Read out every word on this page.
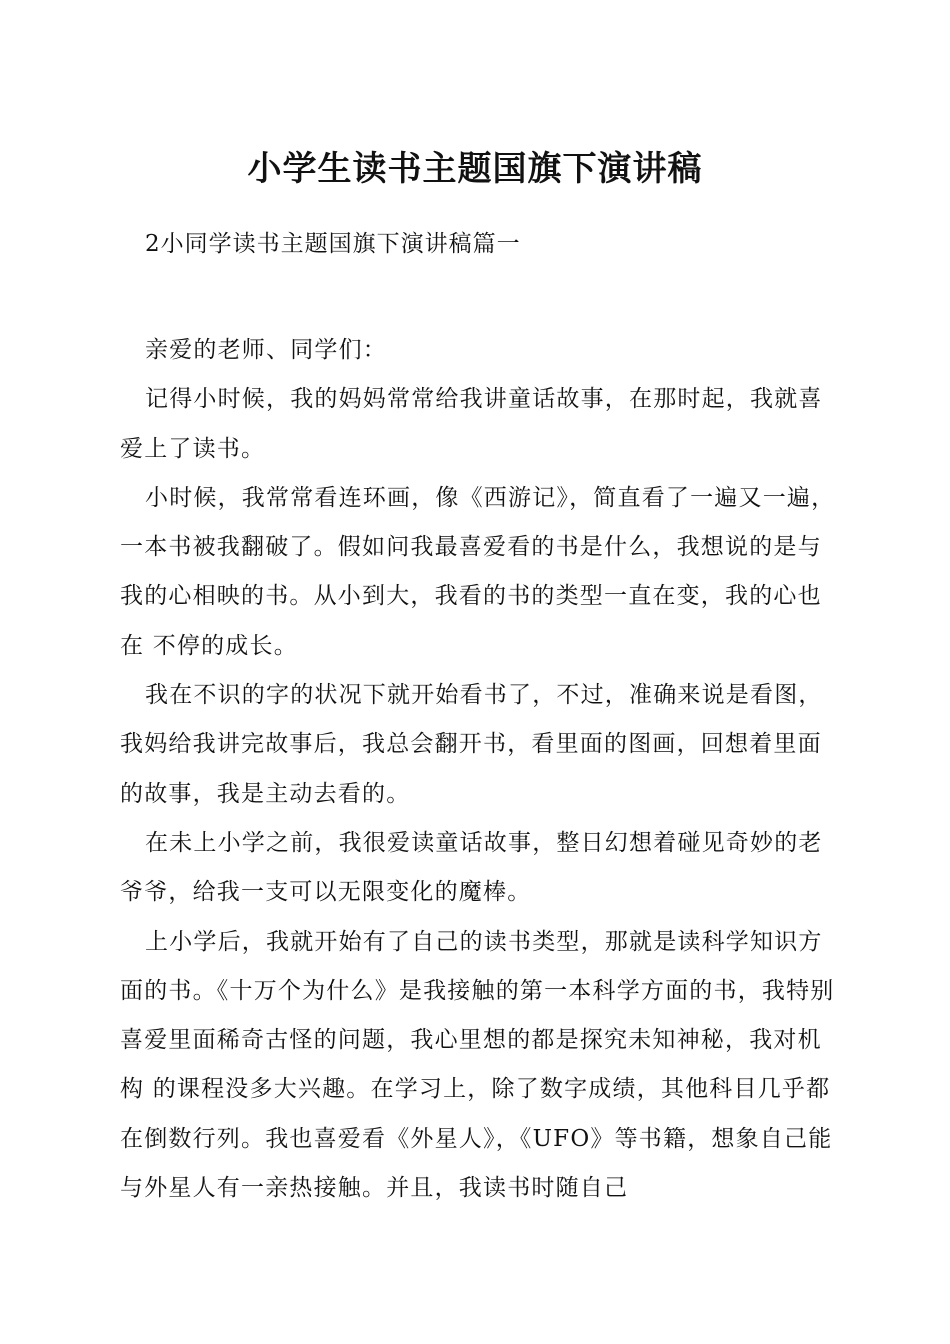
小学生读书主题国旗下演讲稿
2小同学读书主题国旗下演讲稿篇一

亲爱的老师、同学们：

记得小时候，我的妈妈常常给我讲童话故事，在那时起，我就喜爱上了读书。

小时候，我常常看连环画，像《西游记》，简直看了一遍又一遍，一本书被我翻破了。假如问我最喜爱看的书是什么，我想说的是与我的心相映的书。从小到大，我看的书的类型一直在变，我的心也在 不停的成长。

我在不识的字的状况下就开始看书了，不过，准确来说是看图，我妈给我讲完故事后，我总会翻开书，看里面的图画，回想着里面的故事，我是主动去看的。

在未上小学之前，我很爱读童话故事，整日幻想着碰见奇妙的老爷爷，给我一支可以无限变化的魔棒。

上小学后，我就开始有了自己的读书类型，那就是读科学知识方面的书。《十万个为什么》是我接触的第一本科学方面的书，我特别喜爱里面稀奇古怪的问题，我心里想的都是探究未知神秘，我对机构 的课程没多大兴趣。在学习上，除了数字成绩，其他科目几乎都在倒数行列。我也喜爱看《外星人》，《UFO》等书籍，想象自己能与外星人有一亲热接触。并且，我读书时随自己
